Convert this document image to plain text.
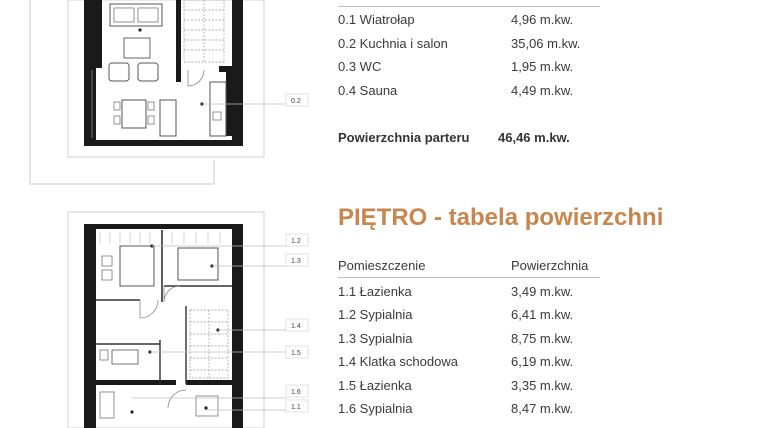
0.2
1.2
1.3
1.4
1.5
1.6
1.1
0.1 Wiatrołap	4,96 m.kw.
0.2 Kuchnia i salon	35,06 m.kw.
0.3 WC	1,95 m.kw.
0.4 Sauna	4,49 m.kw.
Powierzchnia parteru 46,46 m.kw.
PIĘTRO - tabela powierzchni
Pomieszczenie	Powierzchnia
1.1 Łazienka	3,49 m.kw.
1.2 Sypialnia	6,41 m.kw.
1.3 Sypialnia	8,75 m.kw.
1.4 Klatka schodowa	6,19 m.kw.
1.5 Łazienka	3,35 m.kw.
1.6 Sypialnia	8,47 m.kw.
